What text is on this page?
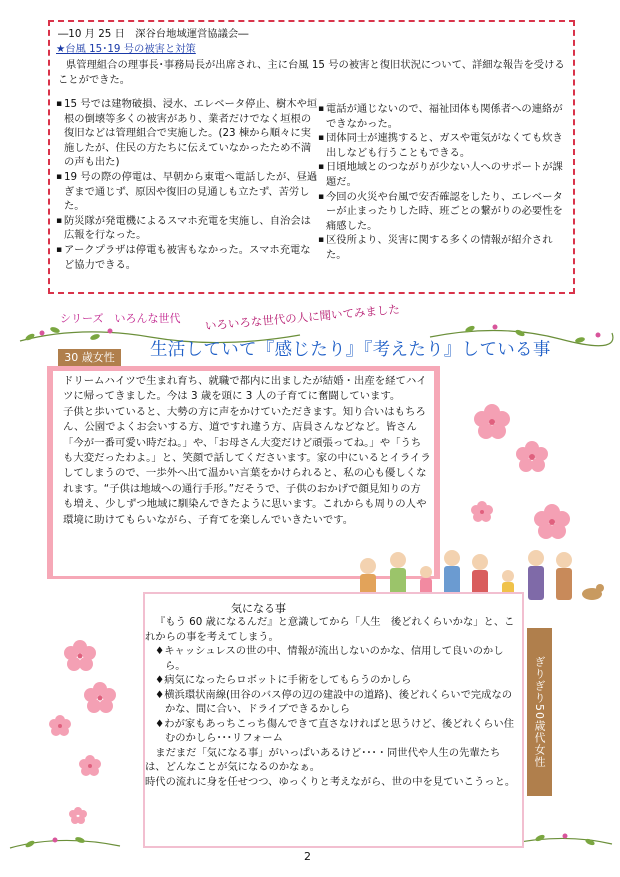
―10 月 25 日　深谷台地域運営協議会―
★台風 15･19 号の被害と対策
県管理組合の理事長･事務局長が出席され、主に台風 15 号の被害と復旧状況について、詳細な報告を受けることができた。
▪ 15 号では建物破損、浸水、エレベータ停止、樹木や垣根の倒壊等多くの被害があり、業者だけでなく垣根の復旧などは管理組合で実施した。(23 棟から順々に実施したが、住民の方たちに伝えていなかったため不満の声も出た)
▪ 19 号の際の停電は、早朝から東電へ電話したが、昼過ぎまで通じず、原因や復旧の見通しも立たず、苦労した。
▪ 防災隊が発電機によるスマホ充電を実施し、自治会は広報を行なった。
▪ アークプラザは停電も被害もなかった。スマホ充電など協力できる。
▪ 電話が通じないので、福祉団体も関係者への連絡ができなかった。
▪ 団体同士が連携すると、ガスや電気がなくても炊き出しなども行うこともできる。
▪ 日頃地域とのつながりが少ない人へのサポートが課題だ。
▪ 今回の火災や台風で安否確認をしたり、エレベーターが止まったりした時、班ごとの繋がりの必要性を痛感した。
▪ 区役所より、災害に関する多くの情報が紹介された。
シリーズ　いろんな世代 いろいろな世代の人に聞いてみました
生活していて『感じたり』『考えたり』している事
30 歳女性

ドリームハイツで生まれ育ち、就職で都内に出ましたが結婚・出産を経てハイツに帰ってきました。今は 3 歳を頭に 3 人の子育てに奮闘しています。

子供と歩いていると、大勢の方に声をかけていただきます。知り合いはもちろん、公園でよくお会いする方、道ですれ違う方、店員さんなどなど。皆さん「今が一番可愛い時だね。」や、「お母さん大変だけど頑張ってね。」や「うちも大変だったわよ。」と、笑顔で話してくださいます。家の中にいるとイライラしてしまうので、一歩外へ出て温かい言葉をかけられると、私の心も優しくなれます。“子供は地域への通行手形。”だそうで、子供のおかげで顔見知りの方も増え、少しずつ地域に馴染んできたように思います。これからも周りの人や環境に助けてもらいながら、子育てを楽しんでいきたいです。

気になる事

『もう 60 歳になるんだ』と意識してから「人生　後どれくらいかな」と、これからの事を考えてしまう。

♦キャッシュレスの世の中、情報が流出しないのかな、信用して良いのかしら。

♦病気になったらロボットに手術をしてもらうのかしら

♦横浜環状南線(田谷のバス停の辺の建設中の道路)、後どれくらいで完成なのかな、間に合い、ドライブできるかしら

♦わが家もあっちこっち傷んできて直さなければと思うけど、後どれくらい住むのかしら･･･リフォーム

　まだまだ「気になる事」がいっぱいあるけど･･･・同世代や人生の先輩たちは、どんなことが気になるのかなぁ。

時代の流れに身を任せつつ、ゆっくりと考えながら、世の中を見ていこうっと。

ぎりぎり50歳代女性
2
